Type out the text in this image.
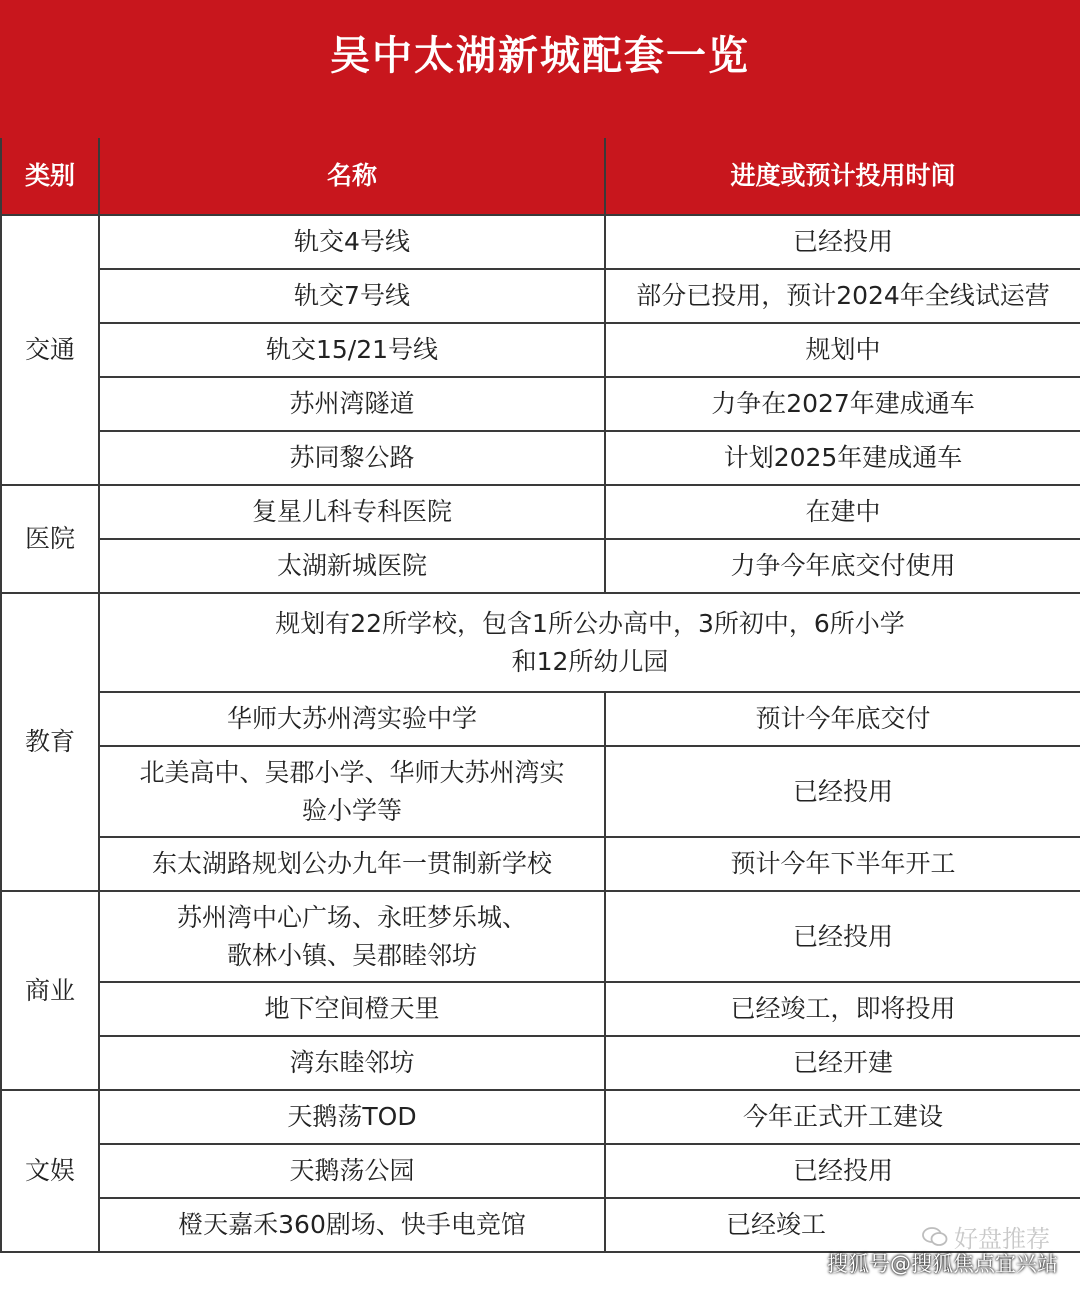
吴中太湖新城配套一览
类别	名称	进度或预计投用时间
交通	轨交4号线	已经投用
	轨交7号线	部分已投用，预计2024年全线试运营
	轨交15/21号线	规划中
	苏州湾隧道	力争在2027年建成通车
	苏同黎公路	计划2025年建成通车
医院	复星儿科专科医院	在建中
	太湖新城医院	力争今年底交付使用
教育	规划有22所学校，包含1所公办高中，3所初中，6所小学
和12所幼儿园	

	华师大苏州湾实验中学	预计今年底交付

	北美高中、吴郡小学、华师大苏州湾实
验小学等	已经投用
	东太湖路规划公办九年一贯制新学校	预计今年下半年开工
商业	苏州湾中心广场、永旺梦乐城、
歌林小镇、吴郡睦邻坊	已经投用
	地下空间橙天里	已经竣工，即将投用
	湾东睦邻坊	已经开建
文娱	天鹅荡TOD	今年正式开工建设
	天鹅荡公园	已经投用
	橙天嘉禾360剧场、快手电竞馆	已经竣工	好盘推荐
搜狐号@搜狐焦点宜兴站
